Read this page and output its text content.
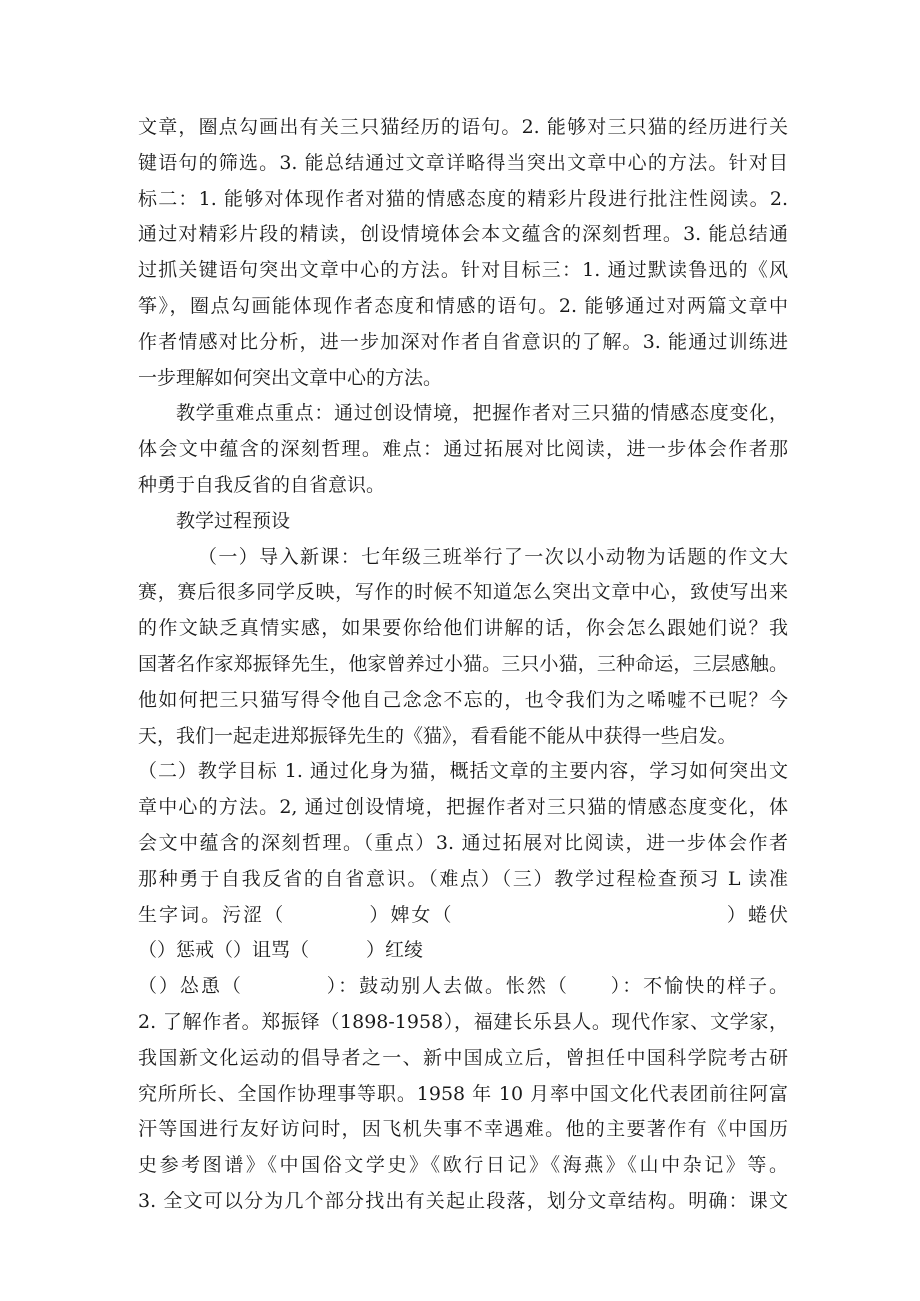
文章，圈点勾画出有关三只猫经历的语句。2. 能够对三只猫的经历进行关
键语句的筛选。3. 能总结通过文章详略得当突出文章中心的方法。针对目
标二：1. 能够对体现作者对猫的情感态度的精彩片段进行批注性阅读。2.
通过对精彩片段的精读，创设情境体会本文蕴含的深刻哲理。3. 能总结通
过抓关键语句突出文章中心的方法。针对目标三：1. 通过默读鲁迅的《风
筝》，圈点勾画能体现作者态度和情感的语句。2. 能够通过对两篇文章中
作者情感对比分析，进一步加深对作者自省意识的了解。3. 能通过训练进
一步理解如何突出文章中心的方法。
教学重难点重点：通过创设情境，把握作者对三只猫的情感态度变化，
体会文中蕴含的深刻哲理。难点：通过拓展对比阅读，进一步体会作者那
种勇于自我反省的自省意识。
教学过程预设
（一）导入新课：七年级三班举行了一次以小动物为话题的作文大
赛，赛后很多同学反映，写作的时候不知道怎么突出文章中心，致使写出来
的作文缺乏真情实感，如果要你给他们讲解的话，你会怎么跟她们说？我
国著名作家郑振铎先生，他家曾养过小猫。三只小猫，三种命运，三层感触。
他如何把三只猫写得令他自己念念不忘的，也令我们为之唏嘘不已呢？今
天，我们一起走进郑振铎先生的《猫》，看看能不能从中获得一些启发。
（二）教学目标 1. 通过化身为猫，概括文章的主要内容，学习如何突出文
章中心的方法。2, 通过创设情境，把握作者对三只猫的情感态度变化，体
会文中蕴含的深刻哲理。（重点）3. 通过拓展对比阅读，进一步体会作者
那种勇于自我反省的自省意识。（难点）（三）教学过程检查预习 L 读准
生字词。污涩（　　　　）婢女（　　　　　　　　　　　　　）蜷伏
（）惩戒（）诅骂（　　　）红绫
（）怂恿（　　　　）：鼓动别人去做。怅然（　　）：不愉快的样子。
2. 了解作者。郑振铎（1898-1958），福建长乐县人。现代作家、文学家，
我国新文化运动的倡导者之一、新中国成立后，曾担任中国科学院考古研
究所所长、全国作协理事等职。1958 年 10 月率中国文化代表团前往阿富
汗等国进行友好访问时，因飞机失事不幸遇难。他的主要著作有《中国历
史参考图谱》《中国俗文学史》《欧行日记》《海燕》《山中杂记》等。
3. 全文可以分为几个部分找出有关起止段落，划分文章结构。明确：课文
